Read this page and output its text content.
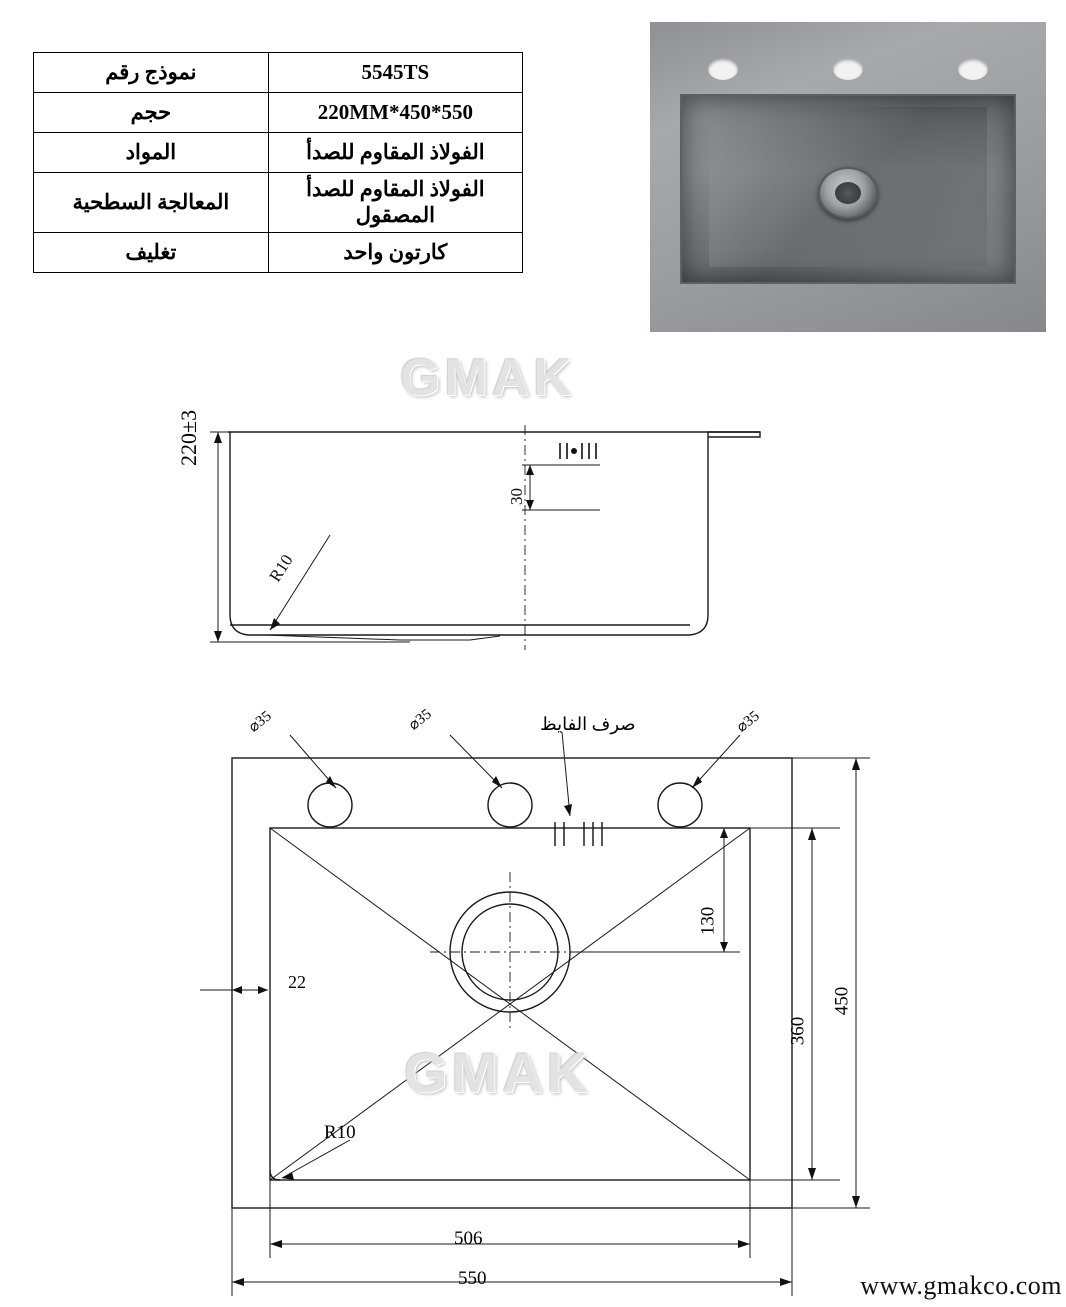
5545TS	نموذج رقم
550*450*220MM	حجم
الفولاذ المقاوم للصدأ	المواد
الفولاذ المقاوم للصدأ المصقول	المعالجة السطحية
كارتون واحد	تغليف
GMAK
R10
30
220±3
⌀35	⌀35	⌀35
صرف الفايظ
22
R10
360
130
450
506
550
GMAK
www.gmakco.com
